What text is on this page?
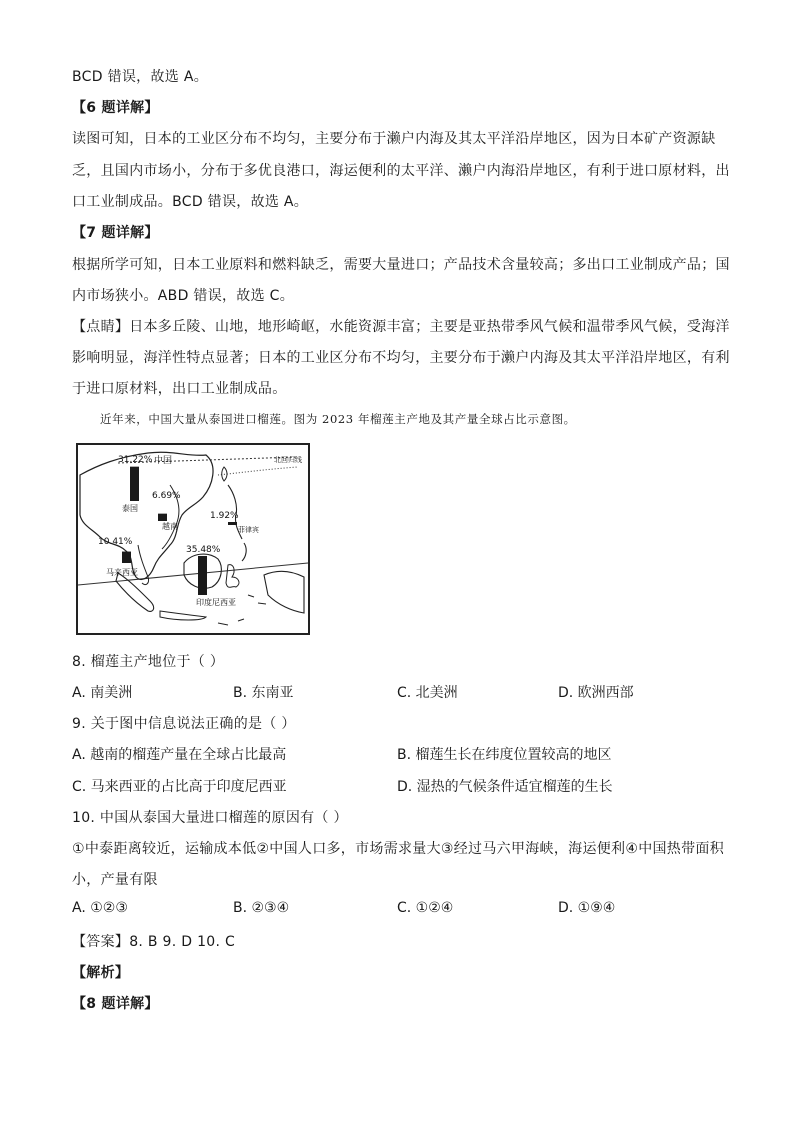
BCD 错误，故选 A。
【6 题详解】
读图可知，日本的工业区分布不均匀，主要分布于濑户内海及其太平洋沿岸地区，因为日本矿产资源缺
乏，且国内市场小，分布于多优良港口，海运便利的太平洋、濑户内海沿岸地区，有利于进口原材料，出
口工业制成品。BCD 错误，故选 A。
【7 题详解】
根据所学可知，日本工业原料和燃料缺乏，需要大量进口；产品技术含量较高；多出口工业制成产品；国
内市场狭小。ABD 错误，故选 C。
【点睛】日本多丘陵、山地，地形崎岖，水能资源丰富；主要是亚热带季风气候和温带季风气候，受海洋
影响明显，海洋性特点显著；日本的工业区分布不均匀，主要分布于濑户内海及其太平洋沿岸地区，有利
于进口原材料，出口工业制成品。
近年来，中国大量从泰国进口榴莲。图为 2023 年榴莲主产地及其产量全球占比示意图。
中国	北回归线
31.22%
泰国
6.69%
越南
1.92%
菲律宾
10.41%
马来西亚
35.48%
印度尼西亚
8. 榴莲主产地位于（ ）
A. 南美洲	B. 东南亚	C. 北美洲	D. 欧洲西部
9. 关于图中信息说法正确的是（ ）
A. 越南的榴莲产量在全球占比最高	B. 榴莲生长在纬度位置较高的地区
C. 马来西亚的占比高于印度尼西亚	D. 湿热的气候条件适宜榴莲的生长
10. 中国从泰国大量进口榴莲的原因有（ ）
①中泰距离较近，运输成本低②中国人口多，市场需求量大③经过马六甲海峡，海运便利④中国热带面积
小，产量有限
A. ①②③	B. ②③④	C. ①②④	D. ①⑨④
【答案】8. B 9. D 10. C
【解析】
【8 题详解】
